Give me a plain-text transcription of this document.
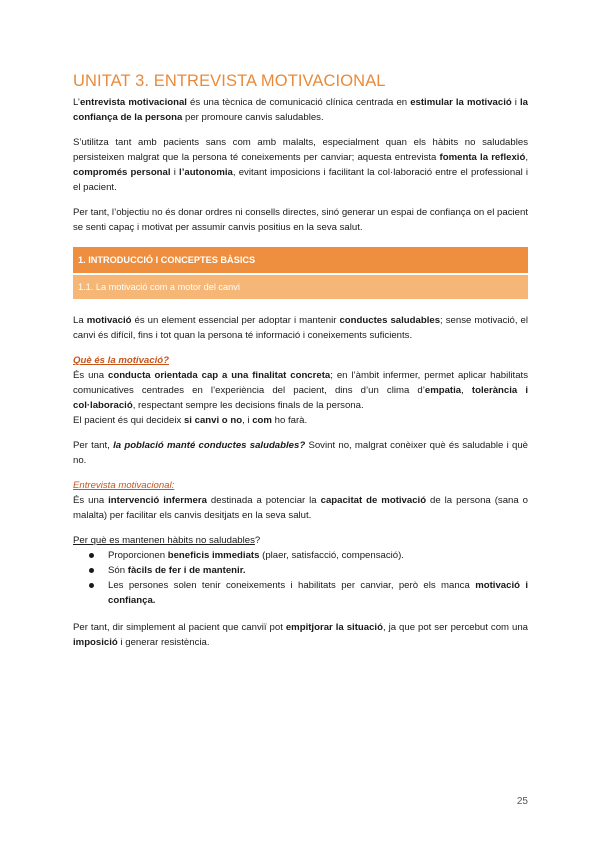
UNITAT 3. ENTREVISTA MOTIVACIONAL

L’entrevista motivacional és una tècnica de comunicació clínica centrada en estimular la motivació i la confiança de la persona per promoure canvis saludables.

S’utilitza tant amb pacients sans com amb malalts, especialment quan els hàbits no saludables persisteixen malgrat que la persona té coneixements per canviar; aquesta entrevista fomenta la reflexió, compromés personal i l’autonomia, evitant imposicions i facilitant la col·laboració entre el professional i el pacient.

Per tant, l’objectiu no és donar ordres ni consells directes, sinó generar un espai de confiança on el pacient se senti capaç i motivat per assumir canvis positius en la seva salut.

1. INTRODUCCIÓ I CONCEPTES BÀSICS
1.1. La motivació com a motor del canvi

La motivació és un element essencial per adoptar i mantenir conductes saludables; sense motivació, el canvi és difícil, fins i tot quan la persona té informació i coneixements suficients.

Què és la motivació?

És una conducta orientada cap a una finalitat concreta; en l’àmbit infermer, permet aplicar habilitats comunicatives centrades en l’experiència del pacient, dins d’un clima d’empatia, tolerància i col·laboració, respectant sempre les decisions finals de la persona.

El pacient és qui decideix si canvi o no, i com ho farà.

Per tant, la població manté conductes saludables? Sovint no, malgrat conèixer què és saludable i què no.

Entrevista motivacional:

És una intervenció infermera destinada a potenciar la capacitat de motivació de la persona (sana o malalta) per facilitar els canvis desitjats en la seva salut.

Per què es mantenen hàbits no saludables?

Proporcionen beneficis immediats (plaer, satisfacció, compensació).
Són fàcils de fer i de mantenir.
Les persones solen tenir coneixements i habilitats per canviar, però els manca motivació i confiança.

Per tant, dir simplement al pacient que canviï pot empitjorar la situació, ja que pot ser percebut com una imposició i generar resistència.

25
